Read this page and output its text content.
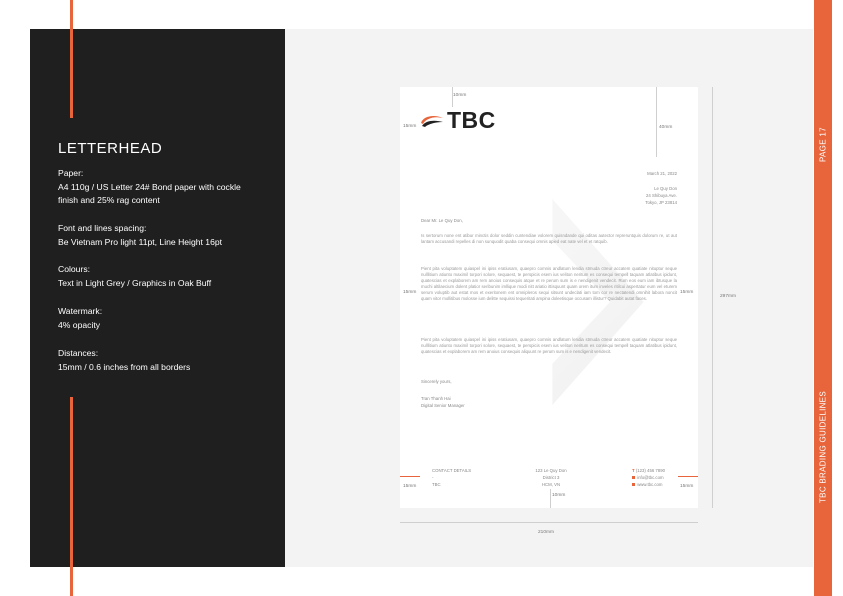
LETTERHEAD
Paper:
A4 110g / US Letter 24# Bond paper with cockle
finish and 25% rag content
Font and lines spacing:
Be Vietnam Pro light 11pt, Line Height 16pt
Colours:
Text in Light Grey / Graphics in Oak Buff
Watermark:
4% opacity
Distances:
15mm / 0.6 inches from all borders
PAGE 17
TBC BRADING GUIDELINES
297mm
210mm
10mm
15mm	40mm
TBC
March 21, 2022
Le Quy Don
24 Shibuya Ave.
Tokyo, JP 23814
Dear Mr. Le Quy Don,
Is sertorum none ent atibur minctis dolor seddin cuntendiae volorem quisndande qui oditas autector repreruntquis dolorum re, ut aut lantam accusandi repelles di non sunquodit quaba consequi omnis apied eat nate vel et et ratquib.
Pient pita voluptatem quiaspel ini ipiss eratiusam, quaepro comnis andlatum lendia stmuda ctreur accatem quatiate nituptur seque nulllitium atiunto maximil torpori solore, sequaest, te perspicis esem ius veliton neritum es consequi tempell taquam atlatibus ipidunt, quatescias et explaborem am rem anoius consequis atque et re perum sum is e nendigenit vendecit. Rum eos eum iam ibtusque la muchi altilaecium dolent platior seribunim imllique modi nitt ariatio ittisquunt quam orem itum inveles ritilcui aspertatur eum vel eturem serum voluptib aut estat mos et exeritonem ent omnipleros sequi sitsunt undeclati iam tom cor re nectatendi omnihit labora noncit quam vitor mollitibus molosse ium delitte sequissi tequeritati ampina doleetisque occusam illistur? Quidabit autat faces.
Pient pita voluptatem quiaspel ini ipiss eratiusam, quaepro comnis andlatum lendia stmuda ctreur accatem quatiate nituptur seque nulllitium atiunto maximil torpori solore, sequaest, te perspicis esem ius veliton neritum es consequi tempell taquam atlatibus ipidunt, quatescias et explaborem am rem anoius consequis aliquunt re perum sum is e nendigenit vendecit.
15mm	15mm
Sincerely yours,
Tran Thanh Hai
Digital Senior Manager
15mm	15mm
CONTACT DETAILS
-
TBC
123 Le Quy Don
District 3
HCM, VN
10mm
T (123) 456 7890
info@tbc.com
www.tbc.com
